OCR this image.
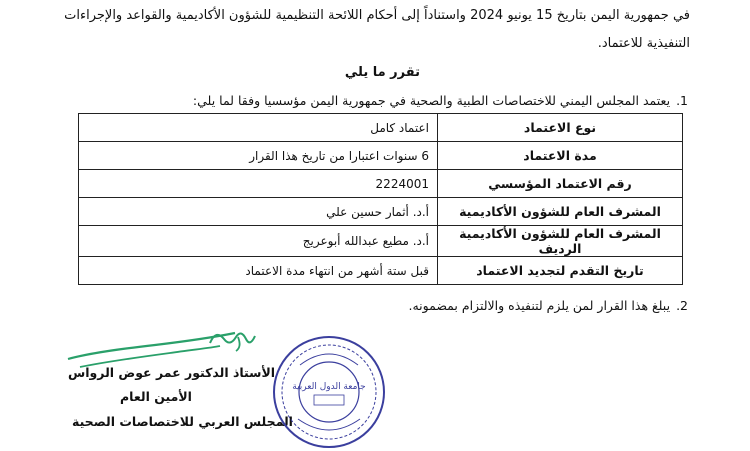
في جمهورية اليمن بتاريخ 15 يونيو 2024 واستناداً إلى أحكام اللائحة التنظيمية للشؤون الأكاديمية والقواعد والإجراءات
التنفيذية للاعتماد.
تقرر ما يلي
1.يعتمد المجلس اليمني للاختصاصات الطبية والصحية في جمهورية اليمن مؤسسيا وفقا لما يلي:
نوع الاعتماد	اعتماد كامل
مدة الاعتماد	6 سنوات اعتبارا من تاريخ هذا القرار
رقم الاعتماد المؤسسي	2224001
المشرف العام للشؤون الأكاديمية	أ.د. أثمار حسين علي
المشرف العام للشؤون الأكاديمية الرديف	أ.د. مطيع عبدالله أبوعريج
تاريخ التقدم لتجديد الاعتماد	قبل ستة أشهر من انتهاء مدة الاعتماد
2.يبلغ هذا القرار لمن يلزم لتنفيذه والالتزام بمضمونه.
الأستاذ الدكتور عمر عوض الرواس
الأمين العام
المجلس العربي للاختصاصات الصحية
جامعة الدول العربية
